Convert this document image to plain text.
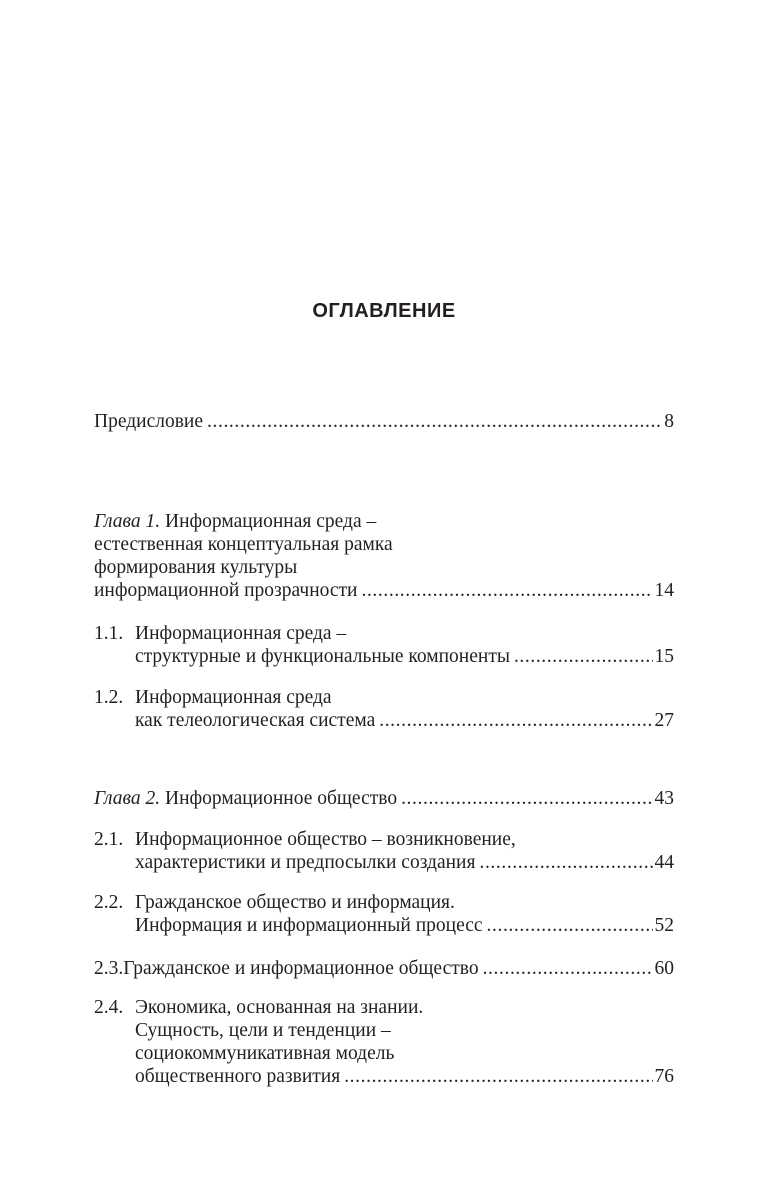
ОГЛАВЛЕНИЕ
Предисловие .....	8
Глава 1.
Информационная среда –
естественная концептуальная рамка
формирования культуры
информационной прозрачности .....	14
1.1. Информационная среда –
структурные и функциональные компоненты .....	15
1.2. Информационная среда
как телеологическая система .....	27
Глава 2.
Информационное общество .....	43
2.1. Информационное общество – возникновение,
характеристики и предпосылки создания .....	44
2.2. Гражданское общество и информация.
Информация и информационный процесс .....	52
2.3. Гражданское и информационное общество .....	60
2.4. Экономика, основанная на знании.
Сущность, цели и тенденции –
социокоммуникативная модель
общественного развития .....	76
